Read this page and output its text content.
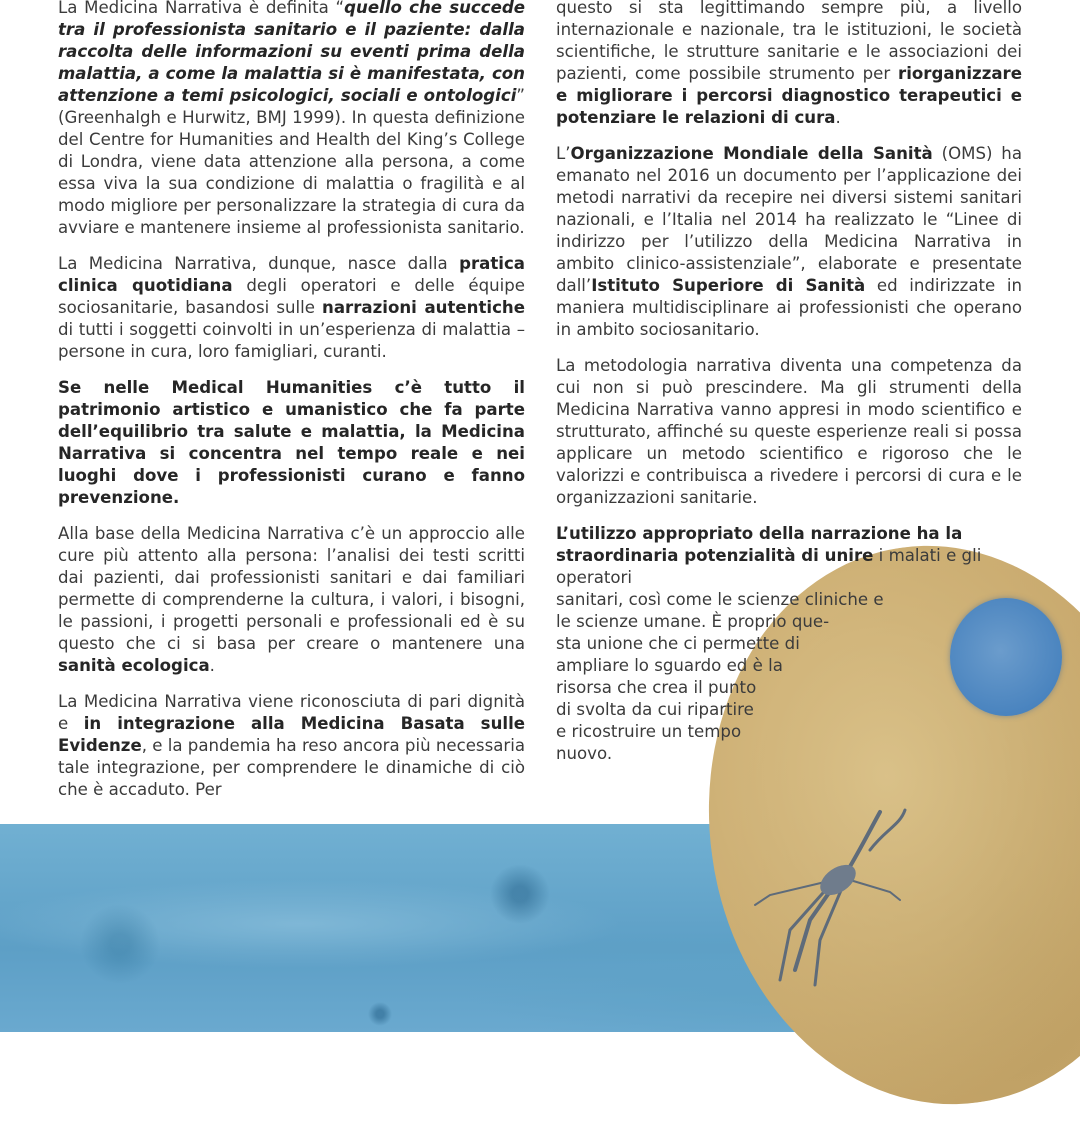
La Medicina Narrativa è definita “quello che succede tra il professionista sanitario e il paziente: dalla raccolta delle informazioni su eventi prima della malattia, a come la malattia si è manifestata, con attenzione a temi psicologici, sociali e ontologici” (Greenhalgh e Hurwitz, BMJ 1999). In questa definizione del Centre for Humanities and Health del King’s College di Londra, viene data attenzione alla persona, a come essa viva la sua condizione di malattia o fragilità e al modo migliore per personalizzare la strategia di cura da avviare e mantenere insieme al professionista sanitario.

La Medicina Narrativa, dunque, nasce dalla pratica clinica quotidiana degli operatori e delle équipe sociosanitarie, basandosi sulle narrazioni autentiche di tutti i soggetti coinvolti in un’esperienza di malattia – persone in cura, loro famigliari, curanti.

Se nelle Medical Humanities c’è tutto il patrimonio artistico e umanistico che fa parte dell’equilibrio tra salute e malattia, la Medicina Narrativa si concentra nel tempo reale e nei luoghi dove i professionisti curano e fanno prevenzione.

Alla base della Medicina Narrativa c’è un approccio alle cure più attento alla persona: l’analisi dei testi scritti dai pazienti, dai professionisti sanitari e dai familiari permette di comprenderne la cultura, i valori, i bisogni, le passioni, i progetti personali e professionali ed è su questo che ci si basa per creare o mantenere una sanità ecologica.

La Medicina Narrativa viene riconosciuta di pari dignità e in integrazione alla Medicina Basata sulle Evidenze, e la pandemia ha reso ancora più necessaria tale integrazione, per comprendere le dinamiche di ciò che è accaduto. Per

questo si sta legittimando sempre più, a livello internazionale e nazionale, tra le istituzioni, le società scientifiche, le strutture sanitarie e le associazioni dei pazienti, come possibile strumento per riorganizzare e migliorare i percorsi diagnostico terapeutici e potenziare le relazioni di cura.

L’Organizzazione Mondiale della Sanità (OMS) ha emanato nel 2016 un documento per l’applicazione dei metodi narrativi da recepire nei diversi sistemi sanitari nazionali, e l’Italia nel 2014 ha realizzato le “Linee di indirizzo per l’utilizzo della Medicina Narrativa in ambito clinico-assistenziale”, elaborate e presentate dall’Istituto Superiore di Sanità ed indirizzate in maniera multidisciplinare ai professionisti che operano in ambito sociosanitario.

La metodologia narrativa diventa una competenza da cui non si può prescindere. Ma gli strumenti della Medicina Narrativa vanno appresi in modo scientifico e strutturato, affinché su queste esperienze reali si possa applicare un metodo scientifico e rigoroso che le valorizzi e contribuisca a rivedere i percorsi di cura e le organizzazioni sanitarie.

L’utilizzo appropriato della narrazione ha la straordinaria potenzialità di unire i malati e gli operatori
sanitari, così come le scienze cliniche e
le scienze umane. È proprio que-
sta unione che ci permette di
ampliare lo sguardo ed è la
risorsa che crea il punto
di svolta da cui ripartire
e ricostruire un tempo
nuovo.
